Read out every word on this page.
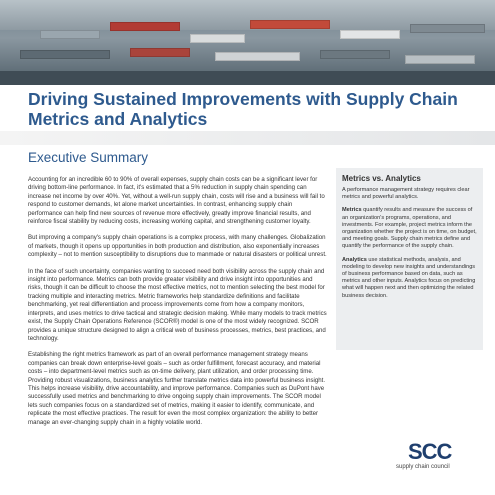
Driving Sustained Improvements with Supply Chain Metrics and Analytics
Executive Summary

Accounting for an incredible 60 to 90% of overall expenses, supply chain costs can be a significant lever for driving bottom-line performance. In fact, it's estimated that a 5% reduction in supply chain spending can increase net income by over 40%. Yet, without a well-run supply chain, costs will rise and a business will fail to respond to customer demands, let alone market uncertainties. In contrast, enhancing supply chain performance can help find new sources of revenue more effectively, greatly improve financial results, and reinforce fiscal stability by reducing costs, increasing working capital, and strengthening customer loyalty.

But improving a company's supply chain operations is a complex process, with many challenges. Globalization of markets, though it opens up opportunities in both production and distribution, also exponentially increases complexity – not to mention susceptibility to disruptions due to manmade or natural disasters or political unrest.

In the face of such uncertainty, companies wanting to succeed need both visibility across the supply chain and insight into performance. Metrics can both provide greater visibility and drive insight into opportunities and risks, though it can be difficult to choose the most effective metrics, not to mention selecting the best model for tracking multiple and interacting metrics. Metric frameworks help standardize definitions and facilitate benchmarking, yet real differentiation and process improvements come from how a company monitors, interprets, and uses metrics to drive tactical and strategic decision making. While many models to track metrics exist, the Supply Chain Operations Reference (SCOR®) model is one of the most widely recognized. SCOR provides a unique structure designed to align a critical web of business processes, metrics, best practices, and technology.

Establishing the right metrics framework as part of an overall performance management strategy means companies can break down enterprise-level goals – such as order fulfillment, forecast accuracy, and material costs – into department-level metrics such as on-time delivery, plant utilization, and order processing time. Providing robust visualizations, business analytics further translate metrics data into powerful business insight. This helps increase visibility, drive accountability, and improve performance. Companies such as DuPont have successfully used metrics and benchmarking to drive ongoing supply chain improvements. The SCOR model lets such companies focus on a standardized set of metrics, making it easier to identify, communicate, and replicate the most effective practices. The result for even the most complex organization: the ability to better manage an ever-changing supply chain in a highly volatile world.

Metrics vs. Analytics

A performance management strategy requires clear metrics and powerful analytics.

Metrics quantify results and measure the success of an organization's programs, operations, and investments. For example, project metrics inform the organization whether the project is on time, on budget, and meeting goals. Supply chain metrics define and quantify the performance of the supply chain.

Analytics use statistical methods, analysis, and modeling to develop new insights and understandings of business performance based on data, such as metrics and other inputs. Analytics focus on predicting what will happen next and then optimizing the related business decision.

SCC
supply chain council
